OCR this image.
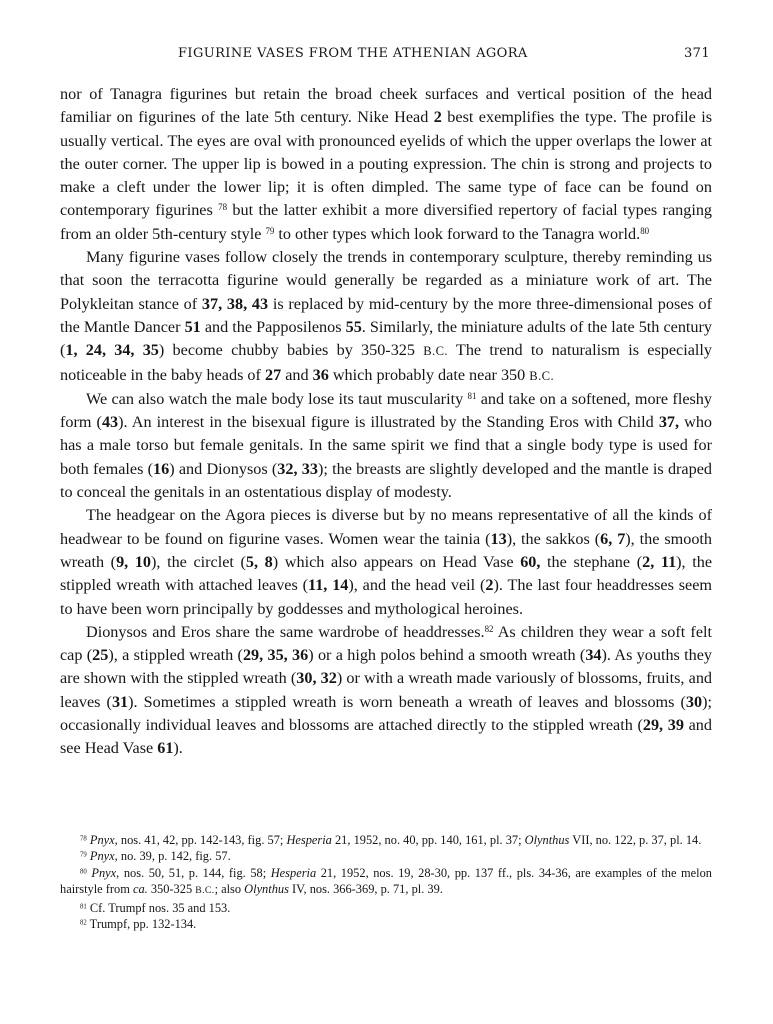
FIGURINE VASES FROM THE ATHENIAN AGORA	371

nor of Tanagra figurines but retain the broad cheek surfaces and vertical position of the head familiar on figurines of the late 5th century. Nike Head 2 best exemplifies the type. The profile is usually vertical. The eyes are oval with pronounced eyelids of which the upper overlaps the lower at the outer corner. The upper lip is bowed in a pouting expression. The chin is strong and projects to make a cleft under the lower lip; it is often dimpled. The same type of face can be found on contemporary figurines $^{78}$ but the latter exhibit a more diversified repertory of facial types ranging from an older 5th-century style $^{79}$ to other types which look forward to the Tanagra world.$^{80}$

Many figurine vases follow closely the trends in contemporary sculpture, thereby reminding us that soon the terracotta figurine would generally be regarded as a miniature work of art. The Polykleitan stance of 37, 38, 43 is replaced by mid-century by the more three-dimensional poses of the Mantle Dancer 51 and the Papposilenos 55. Similarly, the miniature adults of the late 5th century (1, 24, 34, 35) become chubby babies by 350-325 B.C. The trend to naturalism is especially noticeable in the baby heads of 27 and 36 which probably date near 350 B.C.

We can also watch the male body lose its taut muscularity $^{81}$ and take on a softened, more fleshy form (43). An interest in the bisexual figure is illustrated by the Standing Eros with Child 37, who has a male torso but female genitals. In the same spirit we find that a single body type is used for both females (16) and Dionysos (32, 33); the breasts are slightly developed and the mantle is draped to conceal the genitals in an ostentatious display of modesty.

The headgear on the Agora pieces is diverse but by no means representative of all the kinds of headwear to be found on figurine vases. Women wear the tainia (13), the sakkos (6, 7), the smooth wreath (9, 10), the circlet (5, 8) which also appears on Head Vase 60, the stephane (2, 11), the stippled wreath with attached leaves (11, 14), and the head veil (2). The last four headdresses seem to have been worn principally by goddesses and mythological heroines.

Dionysos and Eros share the same wardrobe of headdresses.$^{82}$ As children they wear a soft felt cap (25), a stippled wreath (29, 35, 36) or a high polos behind a smooth wreath (34). As youths they are shown with the stippled wreath (30, 32) or with a wreath made variously of blossoms, fruits, and leaves (31). Sometimes a stippled wreath is worn beneath a wreath of leaves and blossoms (30); occasionally individual leaves and blossoms are attached directly to the stippled wreath (29, 39 and see Head Vase 61).

$^{78}$ Pnyx, nos. 41, 42, pp. 142-143, fig. 57; Hesperia 21, 1952, no. 40, pp. 140, 161, pl. 37; Olynthus VII, no. 122, p. 37, pl. 14.

$^{79}$ Pnyx, no. 39, p. 142, fig. 57.

$^{80}$ Pnyx, nos. 50, 51, p. 144, fig. 58; Hesperia 21, 1952, nos. 19, 28-30, pp. 137 ff., pls. 34-36, are examples of the melon hairstyle from ca. 350-325 B.C.; also Olynthus IV, nos. 366-369, p. 71, pl. 39.

$^{81}$ Cf. Trumpf nos. 35 and 153.

$^{82}$ Trumpf, pp. 132-134.
